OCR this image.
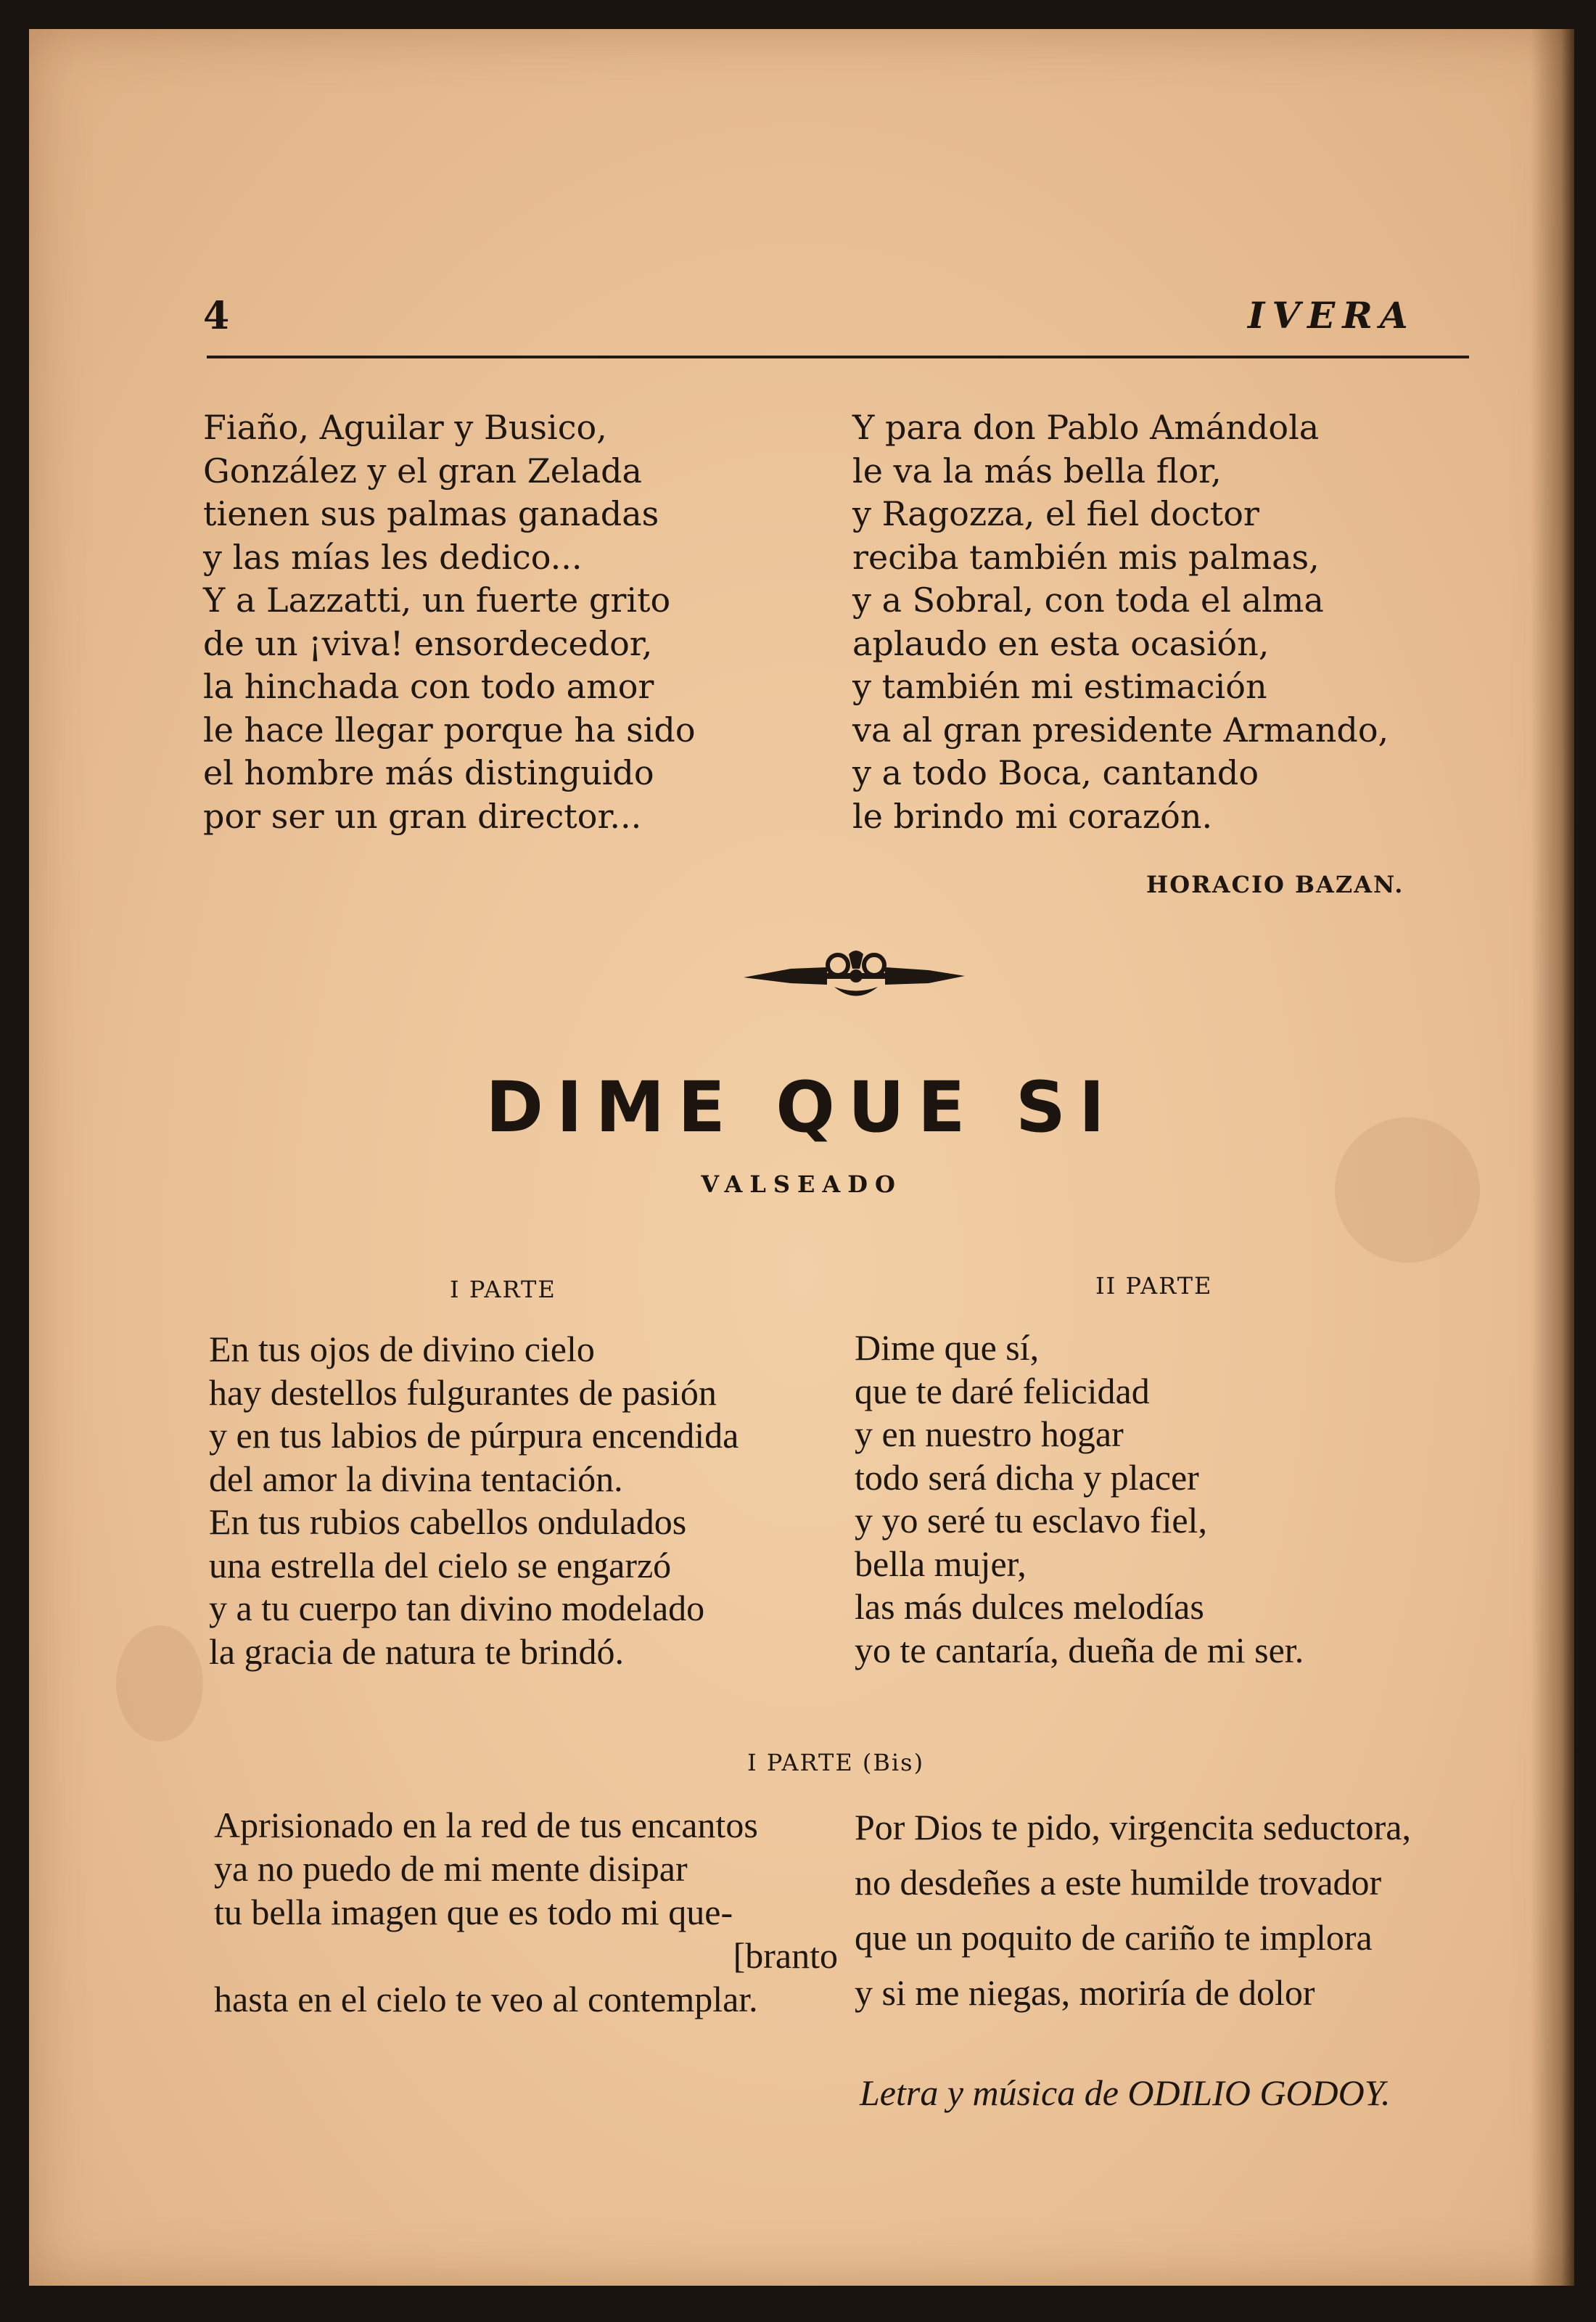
4	IVERA
Fiaño, Aguilar y Busico,
González y el gran Zelada
tienen sus palmas ganadas
y las mías les dedico...
Y a Lazzatti, un fuerte grito
de un ¡viva! ensordecedor,
la hinchada con todo amor
le hace llegar porque ha sido
el hombre más distinguido
por ser un gran director...
Y para don Pablo Amándola
le va la más bella flor,
y Ragozza, el fiel doctor
reciba también mis palmas,
y a Sobral, con toda el alma
aplaudo en esta ocasión,
y también mi estimación
va al gran presidente Armando,
y a todo Boca, cantando
le brindo mi corazón.
HORACIO BAZAN.
DIME QUE SI
VALSEADO
I PARTE	II PARTE
En tus ojos de divino cielo
hay destellos fulgurantes de pasión
y en tus labios de púrpura encendida
del amor la divina tentación.
En tus rubios cabellos ondulados
una estrella del cielo se engarzó
y a tu cuerpo tan divino modelado
la gracia de natura te brindó.
Dime que sí,
que te daré felicidad
y en nuestro hogar
todo será dicha y placer
y yo seré tu esclavo fiel,
bella mujer,
las más dulces melodías
yo te cantaría, dueña de mi ser.
I PARTE (Bis)
Aprisionado en la red de tus encantos
ya no puedo de mi mente disipar
tu bella imagen que es todo mi que-
[branto
hasta en el cielo te veo al contemplar.
Por Dios te pido, virgencita seductora,
no desdeñes a este humilde trovador
que un poquito de cariño te implora
y si me niegas, moriría de dolor
Letra y música de ODILIO GODOY.
